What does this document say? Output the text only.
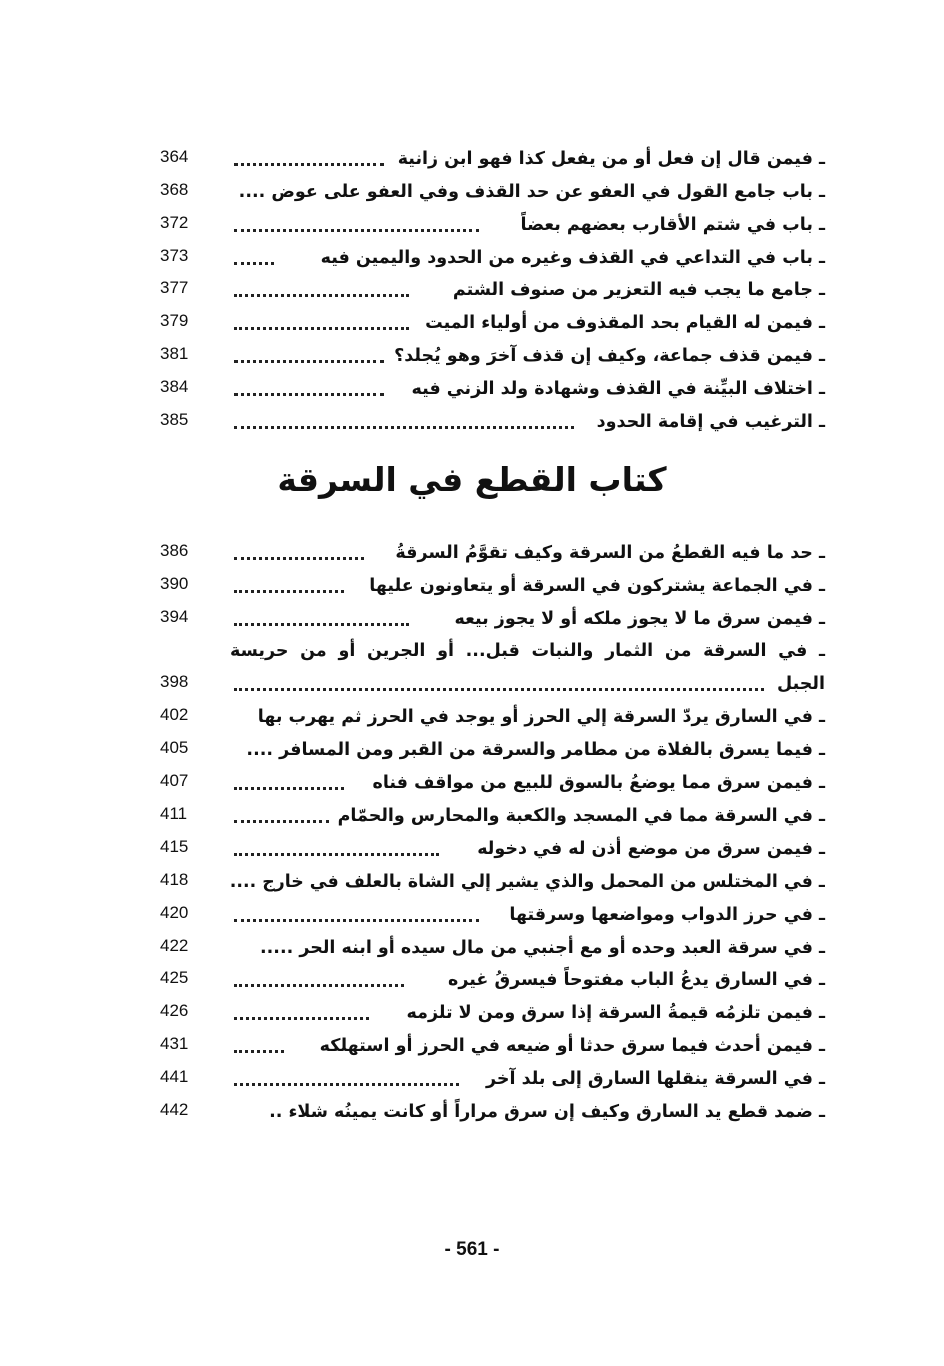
364	ـ فيمن قال إن فعل أو من يفعل كذا فهو ابن زانية
368	ـ باب جامع القول في العفو عن حد القذف وفي العفو على عوض ....
372	ـ باب في شتم الأقارب بعضهم بعضاً
373	ـ باب في التداعي في القذف وغيره من الحدود واليمين فيه
377	ـ جامع ما يجب فيه التعزير من صنوف الشتم
379	ـ فيمن له القيام بحد المقذوف من أولياء الميت
381	ـ فيمن قذف جماعة، وكيف إن قذف آخرَ وهو يُجلد؟
384	ـ اختلاف البيِّنة في القذف وشهادة ولد الزني فيه
385	ـ الترغيب في إقامة الحدود
كتاب القطع في السرقة
386	ـ حد ما فيه القطعُ من السرقة وكيف تقوَّمُ السرقةُ
390	ـ في الجماعة يشتركون في السرقة أو يتعاونون عليها
394	ـ فيمن سرق ما لا يجوز ملكه أو لا يجوز بيعه
ـ في السرقة من الثمار والنبات قبل... أو الجرين أو من حريسة
398	الجبل
402	ـ في السارق يردّ السرقة إلي الحرز أو يوجد في الحرز ثم يهرب بها
405	ـ فيما يسرق بالفلاة من مطامر والسرقة من القبر ومن المسافر ....
407	ـ فيمن سرق مما يوضعُ بالسوق للبيع من مواقف فناه
411	ـ في السرقة مما في المسجد والكعبة والمحارس والحمّام
415	ـ فيمن سرق من موضع أذن له في دخوله
418	ـ في المختلس من المحمل والذي يشير إلي الشاة بالعلف في خارج ....
420	ـ في حرز الدواب ومواضعها وسرقتها
422	ـ في سرقة العبد وحده أو مع أجنبي من مال سيده أو ابنه الحر .....
425	ـ في السارق يدعُ الباب مفتوحاً فيسرقُ غيره
426	ـ فيمن تلزمُه قيمةُ السرقة إذا سرق ومن لا تلزمه
431	ـ فيمن أحدث فيما سرق حدثا أو ضيعه في الحرز أو استهلكه
441	ـ في السرقة ينقلها السارق إلى بلد آخر
442	ـ ضمد قطع يد السارق وكيف إن سرق مراراً أو كانت يمينُه شلاء ..
- 561 -
